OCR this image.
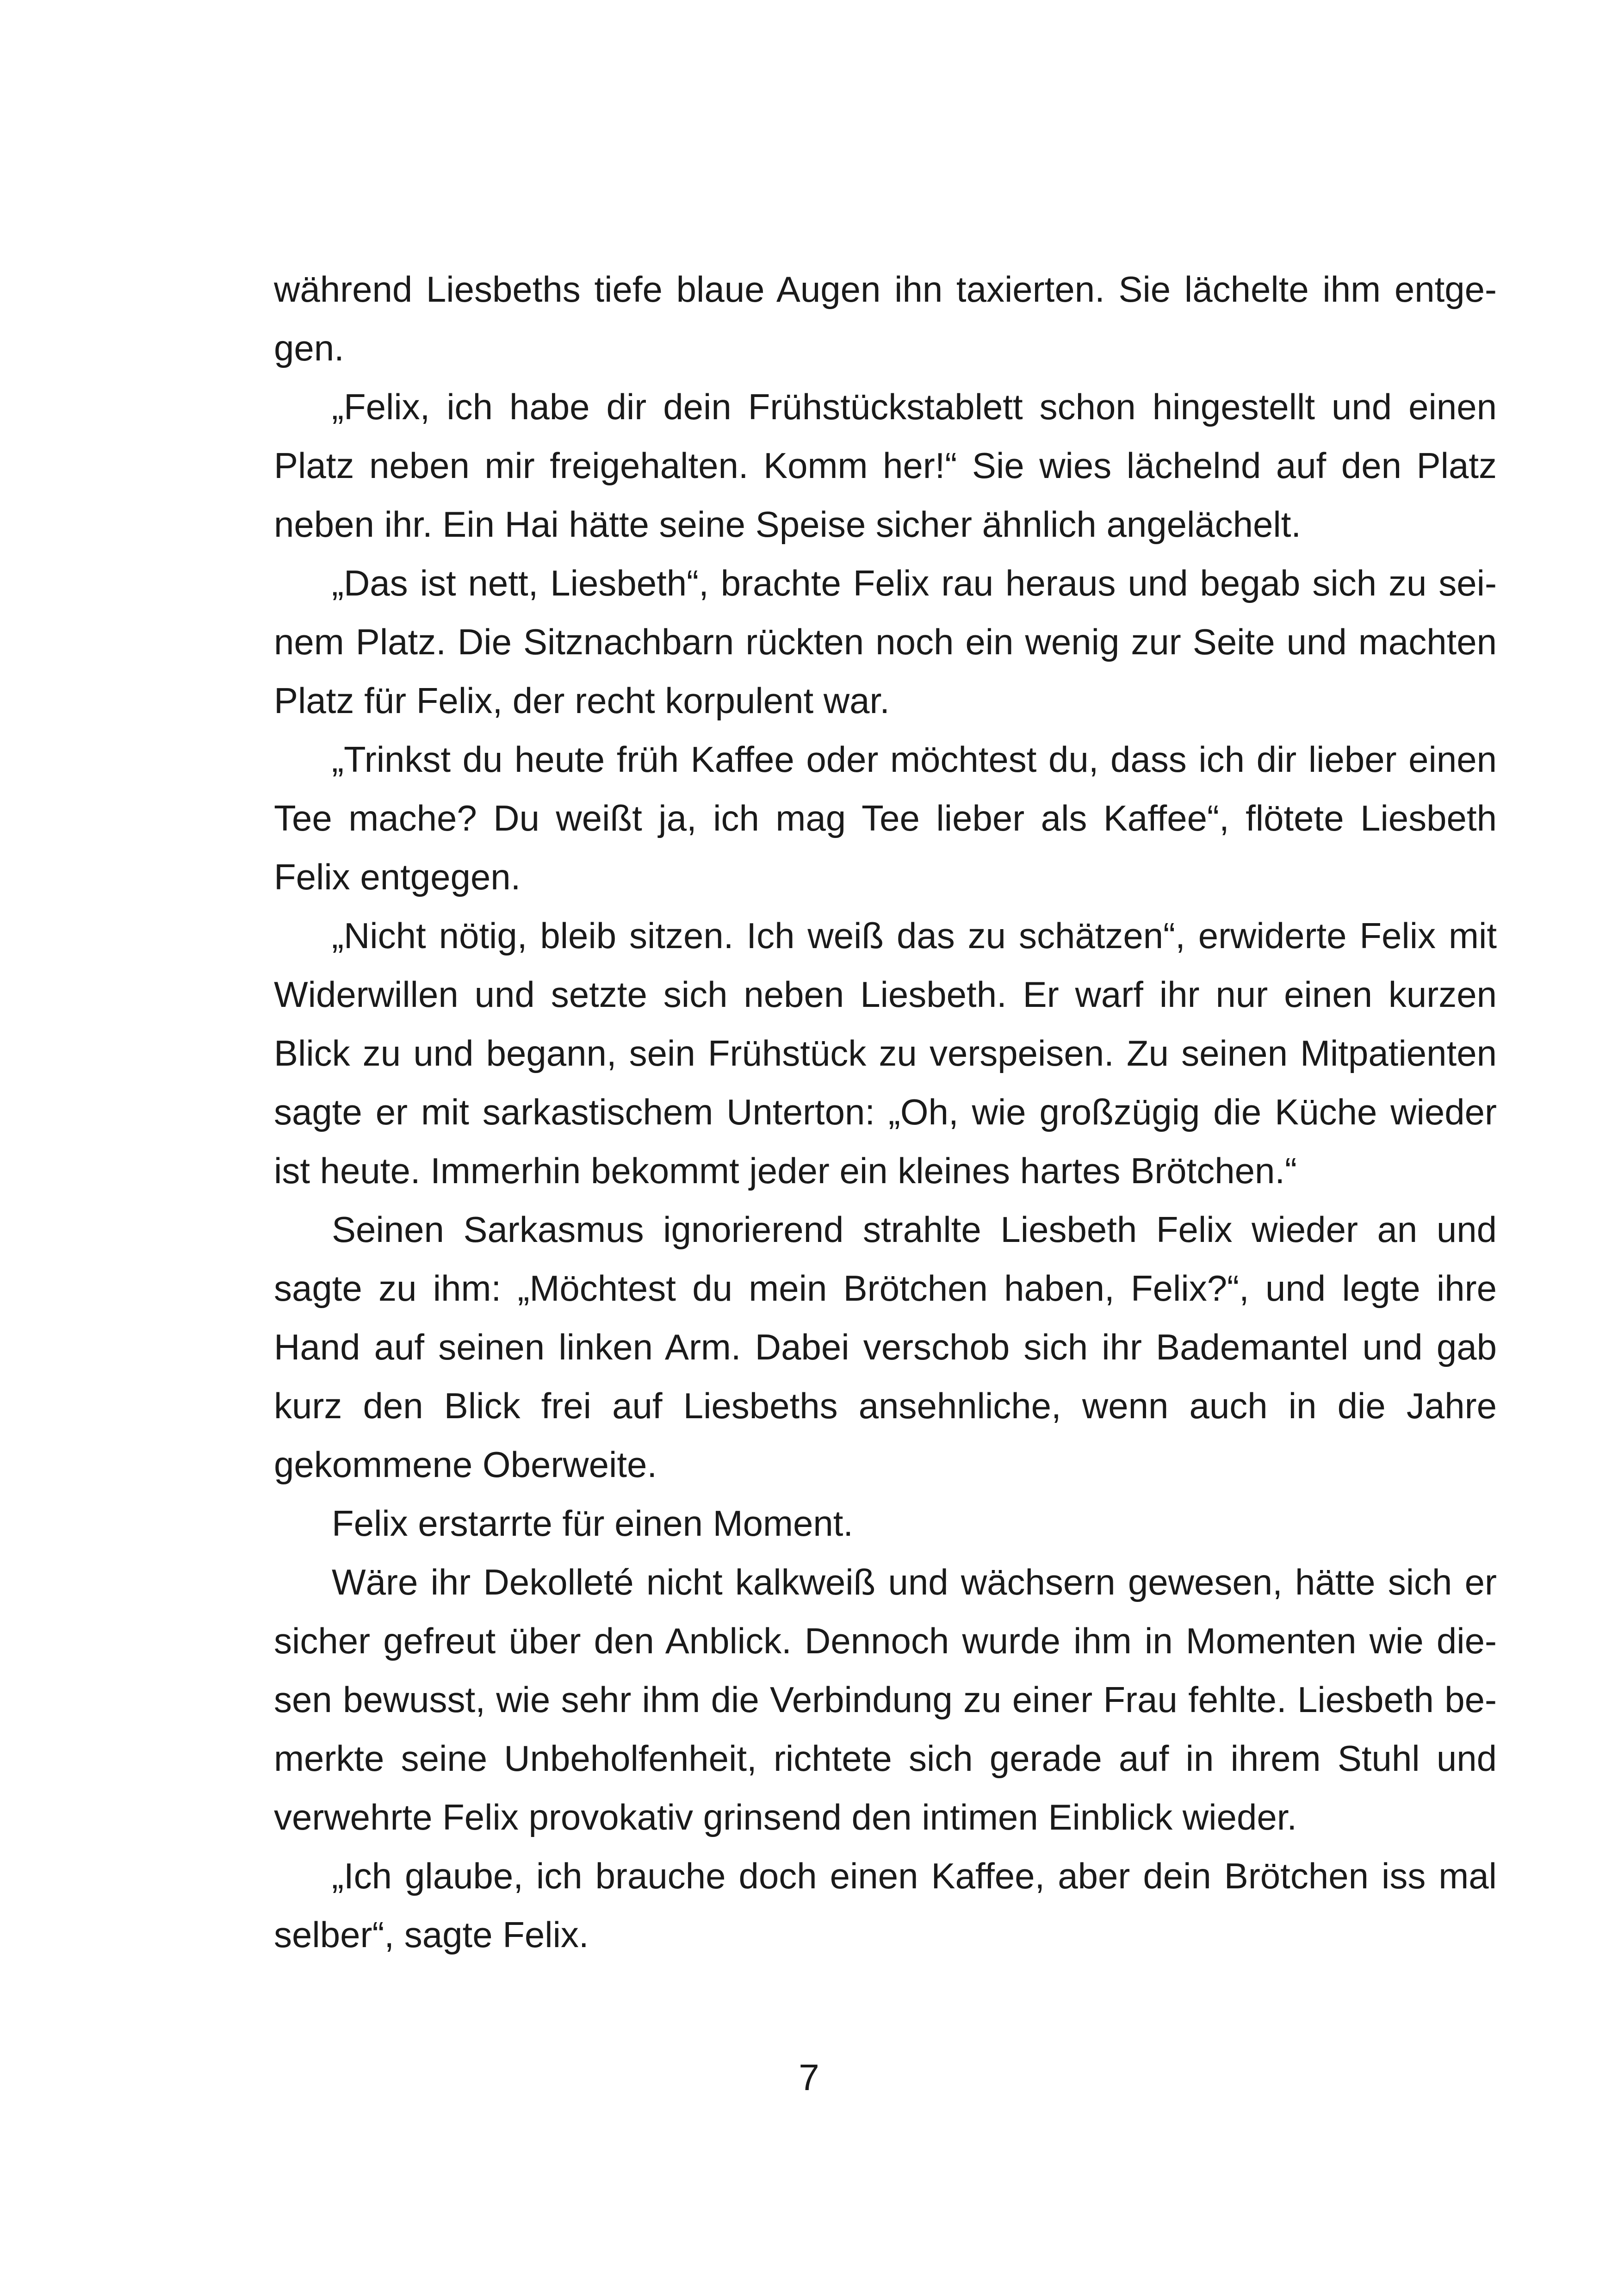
während Liesbeths tiefe blaue Augen ihn taxierten. Sie lächelte ihm entgegen.

„Felix, ich habe dir dein Frühstückstablett schon hingestellt und einen Platz neben mir freigehalten. Komm her!“ Sie wies lächelnd auf den Platz neben ihr. Ein Hai hätte seine Speise sicher ähnlich angelächelt.

„Das ist nett, Liesbeth“, brachte Felix rau heraus und begab sich zu seinem Platz. Die Sitznachbarn rückten noch ein wenig zur Seite und machten Platz für Felix, der recht korpulent war.

„Trinkst du heute früh Kaffee oder möchtest du, dass ich dir lieber einen Tee mache? Du weißt ja, ich mag Tee lieber als Kaffee“, flötete Liesbeth Felix entgegen.

„Nicht nötig, bleib sitzen. Ich weiß das zu schätzen“, erwiderte Felix mit Widerwillen und setzte sich neben Liesbeth. Er warf ihr nur einen kurzen Blick zu und begann, sein Frühstück zu verspeisen. Zu seinen Mitpatienten sagte er mit sarkastischem Unterton: „Oh, wie großzügig die Küche wieder ist heute. Immerhin bekommt jeder ein kleines hartes Brötchen.“

Seinen Sarkasmus ignorierend strahlte Liesbeth Felix wieder an und sagte zu ihm: „Möchtest du mein Brötchen haben, Felix?“, und legte ihre Hand auf seinen linken Arm. Dabei verschob sich ihr Bademantel und gab kurz den Blick frei auf Liesbeths ansehnliche, wenn auch in die Jahre gekommene Oberweite.

Felix erstarrte für einen Moment.

Wäre ihr Dekolleté nicht kalkweiß und wächsern gewesen, hätte sich er sicher gefreut über den Anblick. Dennoch wurde ihm in Momenten wie diesen bewusst, wie sehr ihm die Verbindung zu einer Frau fehlte. Liesbeth bemerkte seine Unbeholfenheit, richtete sich gerade auf in ihrem Stuhl und verwehrte Felix provokativ grinsend den intimen Einblick wieder.

„Ich glaube, ich brauche doch einen Kaffee, aber dein Brötchen iss mal selber“, sagte Felix.

7
